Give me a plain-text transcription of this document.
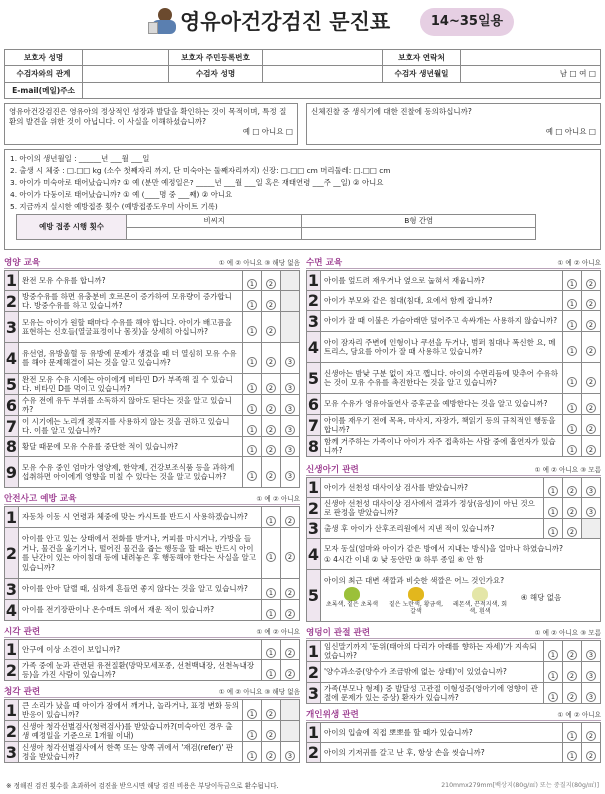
영유아건강검진 문진표	14~35일용
보호자 성명		보호자 주민등록번호		보호자 연락처	
수검자와의 관계		수검자 성명		수검자 생년월일	남 □ 여 □
E-mail(메일)주소					
영유아건강검진은 영유아의 정상적인 성장과 발달을 확인하는 것이 목적이며, 특정 질환의 발견을 위한 것이 아닙니다. 이 사실을 이해하셨습니까?
예 □ 아니요 □
신체진찰 중 생식기에 대한 진찰에 동의하십니까?
예 □ 아니요 □
1. 아이의 생년월일 : ______년 ___월 ___일
2. 출생 시 체중 : □.□□ kg (소수 첫째자리 까지, 단 미숙아는 둘째자리까지) 신장: □.□□ cm 머리둘레: □.□□ cm
3. 아이가 미숙아로 태어났습니까? ① 예 (분만 예정일은? _____년 ___월 ___일 혹은 재태연령 ___주 __일) ② 아니요
4. 아이가 다둥이로 태어났습니까? ① 예 (____명 중 ___째) ② 아니요
5. 지금까지 실시한 예방접종 횟수 (예방접종도우미 사이트 기록)
예방 접종 시행 횟수	비씨지	B형 간염

영양 교육	① 예 ② 아니요 ③ 해당 없음
1	완전 모유 수유를 합니까?	1	2	
2	방중수유를 하면 유충분비 호르몬이 증가하여 모유량이 증가합니다. 방중수유를 하고 있습니까?	1	2	
3	모유는 아이가 원할 때마다 수유를 해야 합니다. 아이가 배고픔을 표현하는 신호들(열굴표정이나 몸짓)을 상세히 아십니까?	1	2	
4	유선염, 유방울혈 등 유방에 문제가 생겼을 때 더 열심히 모유 수유를 해야 문제해결이 되는 것을 알고 있습니까?	1	2	3
5	완전 모유 수유 시에는 아이에게 비타민 D가 부족해 질 수 있습니다. 비타민 D를 먹이고 있습니까?	1	2	3
6	수유 전에 유두 부위를 소독하지 않아도 된다는 것을 알고 있습니까?	1	2	3
7	이 시기에는 노리개 젖꼭지를 사용하지 않는 것을 권하고 있습니다. 이를 알고 있습니까?	1	2	3
8	황달 때문에 모유 수유를 중단한 적이 있습니까?	1	2	3
9	모유 수유 중인 엄마가 영양제, 한약제, 건강보조식품 등을 과하게 섭취하면 아이에게 영향을 미칠 수 있다는 것을 알고 있습니까?	1	2	3
안전사고 예방 교육	① 예 ② 아니요
1	자동차 이동 시 연령과 체중에 맞는 카시트를 반드시 사용하겠습니까?	1	2
2	아이를 안고 있는 상태에서 전화를 받거나, 커피를 마시거나, 가방을 들거나, 물건을 옮기거나, 떨어진 물건을 줍는 행동을 할 때는 반드시 아이를 난간이 있는 아이침대 등에 내려놓은 후 행동해야 한다는 사실을 알고 있습니까?	1	2
3	아이를 안아 달랠 때, 심하게 흔들면 좋지 않다는 것을 알고 있습니까?	1	2
4	아이를 전기장판이나 온수매트 위에서 재운 적이 있습니까?	1	2
시각 관련	① 예 ② 아니요
1	안구에 이상 소견이 보입니까?	1	2
2	가족 중에 눈과 관련된 유전질환(망막모세포종, 선천백내장, 선천녹내장 등)을 가진 사람이 있습니까?	1	2
청각 관련	① 예 ② 아니요 ③ 해당 없음
1	큰 소리가 났을 때 아이가 잠에서 깨거나, 놀라거나, 표정 변화 등의 반응이 있습니까?	1	2	
2	신생아 청각선별검사(청력검사)를 받았습니까?(미숙아인 경우 출생 예정일을 기준으로 1개월 이내)	1	2	
3	신생아 청각선별검사에서 한쪽 또는 양쪽 귀에서 '재검(refer)' 판정을 받았습니까?	1	2	3
수면 교육	① 예 ② 아니요
1	아이를 엎드려 재우거나 옆으로 눕혀서 재웁니까?	1	2
2	아이가 부모와 같은 침대(침대, 요에서 함께 잡니까?	1	2
3	아이가 잘 때 이불은 가슴아래만 덮어주고 속싸개는 사용하지 않습니까?	1	2
4	아이 잠자리 주변에 인형이나 쿠션을 두거나, 범퍼 침대나 폭신한 요, 메트리스, 담요를 아이가 잘 때 사용하고 있습니까?	1	2
5	신생아는 밤낮 구분 없이 자고 깹니다. 아이의 수면리듬에 맞추어 수유하는 것이 모유 수유를 촉진한다는 것을 알고 있습니까?	1	2
6	모유 수유가 영유아돌연사 증후군을 예방한다는 것을 알고 있습니까?	1	2
7	아이를 재우기 전에 목욕, 마사지, 자장가, 책읽기 등의 규칙적인 행동을 합니까?	1	2
8	함께 거주하는 가족이나 아이가 자주 접촉하는 사람 중에 흡연자가 있습니까?	1	2
신생아기 관련	① 예 ② 아니요 ③ 모름
1	아이가 선천성 대사이상 검사를 받았습니까?	1	2	3
2	신생아 선천성 대사이상 검사에서 결과가 정상(음성)이 아닌 것으로 판정을 받았습니까?	1	2	3
3	출생 후 아이가 산후조리원에서 지낸 적이 있습니까?	1	2	
4	모자 동실(엄마와 아이가 같은 방에서 지내는 방식)을 얼마나 하였습니까?
① 4시간 이내 ② 낮 동안만 ③ 하루 종일 ④ 안 함			

5	아이의 최근 대변 색깔과 비슷한 색깔은 어느 것인가요?
초록색, 짙은 초록색 짙은 노란색, 황금색, 갈색
레몬색, 끈적지색, 회색, 흰색
④ 해당 없음			
영덩이 관절 관련	① 예 ② 아니요 ③ 모름
1	임신말기까지 '둔위(태아의 다리가 아래를 향하는 자세)'가 지속되었습니까?	1	2	3
2	'양수과소증(양수가 조금밖에 없는 상태)'이 있었습니까?	1	2	3
3	가족(부모나 형제) 중 발달성 고관절 이형성증(영아기에 영향이 관절에 문제가 있는 증상) 환자가 있습니까?	1	2	3
개인위생 관련	① 예 ② 아니요
1	아이의 입술에 직접 뽀뽀를 할 때가 있습니까?	1	2
2	아이의 기저귀를 갈고 난 후, 항상 손을 씻습니까?	1	2
※ 정해진 검진 횟수를 초과하여 검진을 받으시면 해당 검진 비용은 부당이득금으로 환수됩니다.	210mmx279mm[백상지(80g/㎡) 또는 중질지(80g/㎡)]
